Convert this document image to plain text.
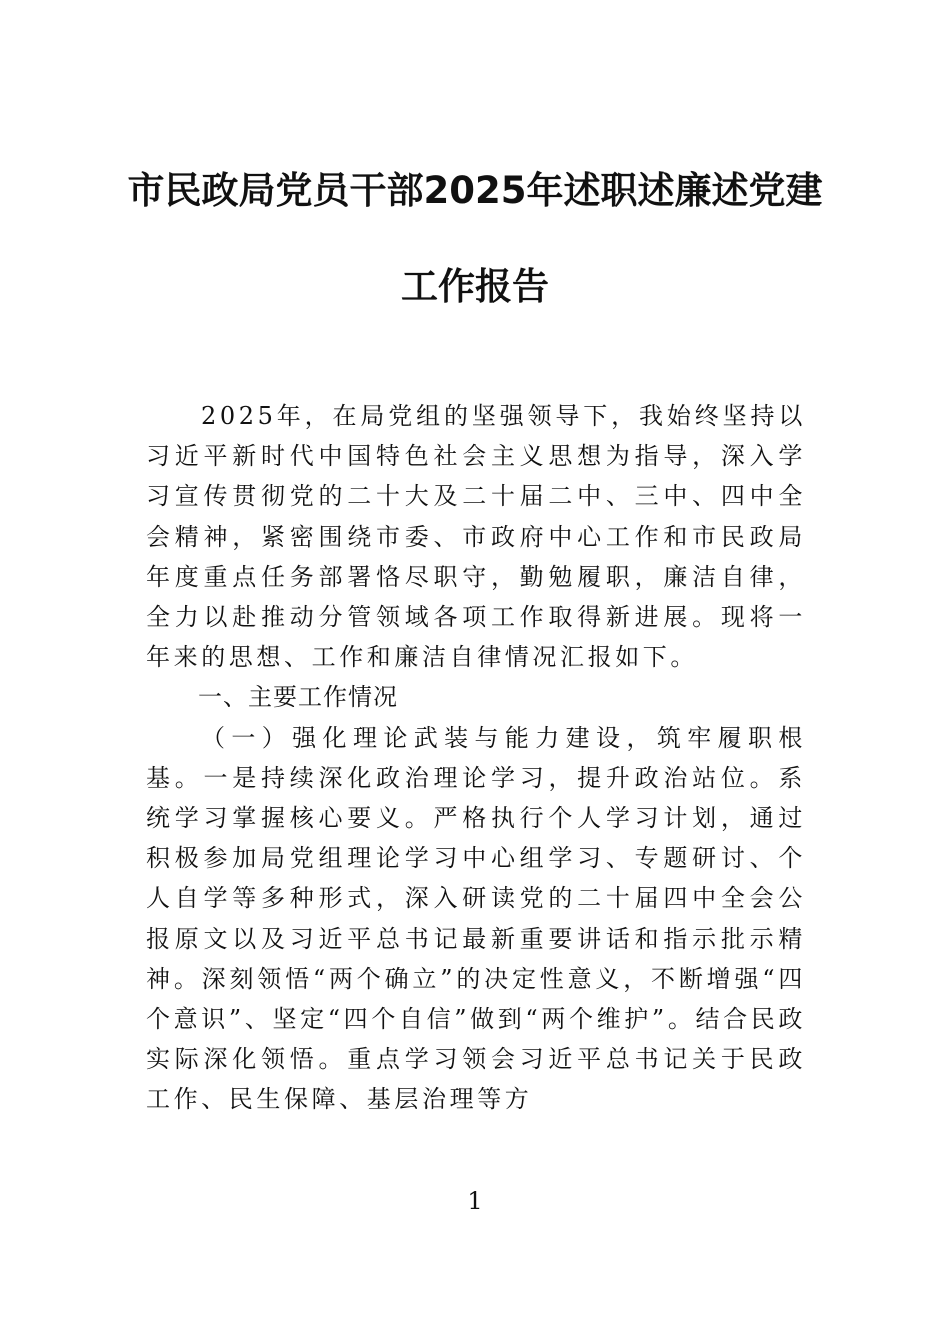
市民政局党员干部2025年述职述廉述党建
工作报告

2025年，在局党组的坚强领导下，我始终坚持以习近平新时代中国特色社会主义思想为指导，深入学习宣传贯彻党的二十大及二十届二中、三中、四中全会精神，紧密围绕市委、市政府中心工作和市民政局年度重点任务部署恪尽职守，勤勉履职，廉洁自律，全力以赴推动分管领域各项工作取得新进展。现将一年来的思想、工作和廉洁自律情况汇报如下。

一、主要工作情况

（一）强化理论武装与能力建设，筑牢履职根基。一是持续深化政治理论学习，提升政治站位。系统学习掌握核心要义。严格执行个人学习计划，通过积极参加局党组理论学习中心组学习、专题研讨、个人自学等多种形式，深入研读党的二十届四中全会公报原文以及习近平总书记最新重要讲话和指示批示精神。深刻领悟“两个确立”的决定性意义，不断增强“四个意识”、坚定“四个自信”做到“两个维护”。结合民政实际深化领悟。重点学习领会习近平总书记关于民政工作、民生保障、基层治理等方

1
